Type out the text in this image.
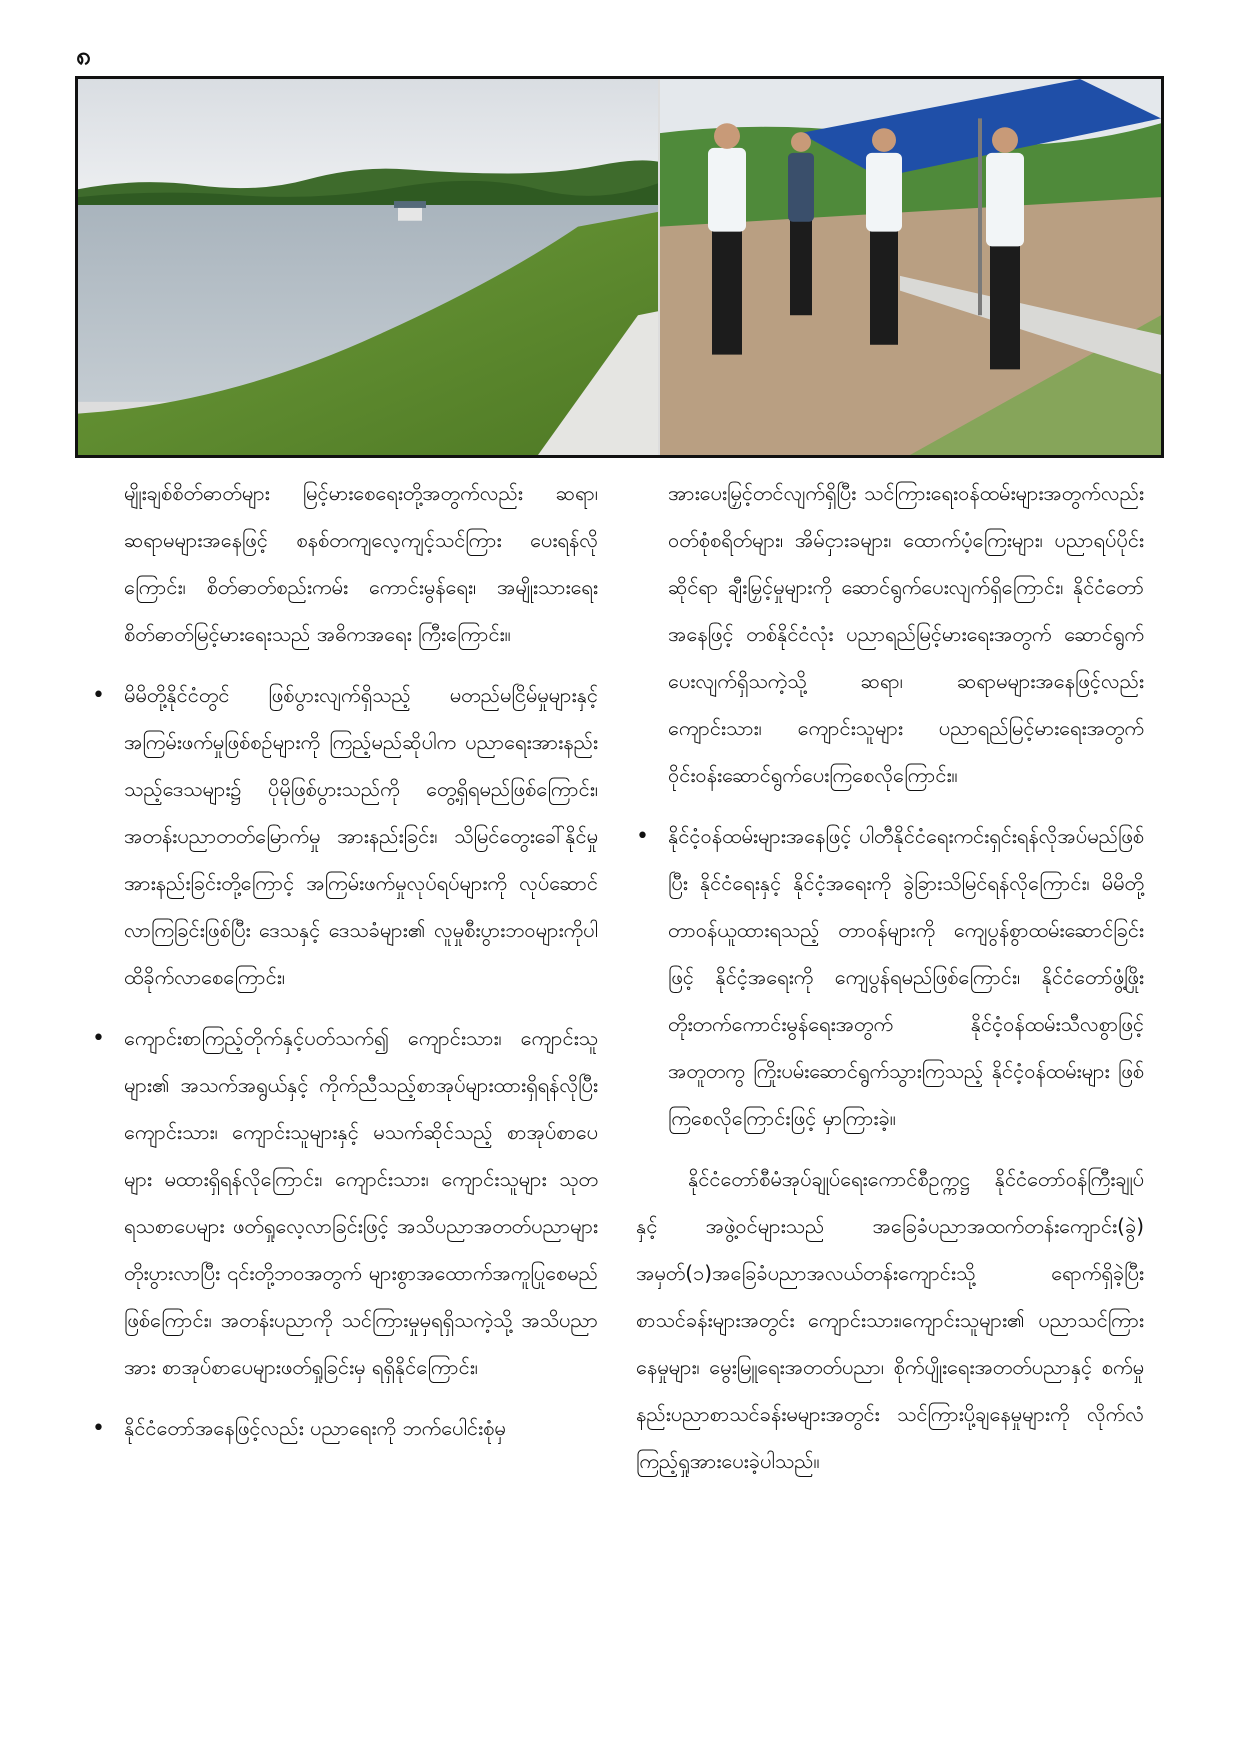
၈

မျိုးချစ်စိတ်ဓာတ်များ မြင့်မားစေရေးတို့အတွက်လည်း ဆရာ၊ ဆရာမများအနေဖြင့် စနစ်တကျလေ့ကျင့်သင်ကြား ပေးရန်လိုကြောင်း၊ စိတ်ဓာတ်စည်းကမ်း ကောင်းမွန်ရေး၊ အမျိုးသားရေးစိတ်ဓာတ်မြင့်မားရေးသည် အဓိကအရေး ကြီးကြောင်း။

• မိမိတို့နိုင်ငံတွင် ဖြစ်ပွားလျက်ရှိသည့် မတည်မငြိမ်မှုများနှင့် အကြမ်းဖက်မှုဖြစ်စဉ်များကို ကြည့်မည်ဆိုပါက ပညာရေးအားနည်းသည့်ဒေသများ၌ ပိုမိုဖြစ်ပွားသည်ကို တွေ့ရှိရမည်ဖြစ်ကြောင်း၊ အတန်းပညာတတ်မြောက်မှု အားနည်းခြင်း၊ သိမြင်တွေးခေါ်နိုင်မှုအားနည်းခြင်းတို့ကြောင့် အကြမ်းဖက်မှုလုပ်ရပ်များကို လုပ်ဆောင်လာကြခြင်းဖြစ်ပြီး ဒေသနှင့် ဒေသခံများ၏ လူမှုစီးပွားဘဝများကိုပါ ထိခိုက်လာစေကြောင်း၊
• ကျောင်းစာကြည့်တိုက်နှင့်ပတ်သက်၍ ကျောင်းသား၊ ကျောင်းသူများ၏ အသက်အရွယ်နှင့် ကိုက်ညီသည့်စာအုပ်များထားရှိရန်လိုပြီး ကျောင်းသား၊ ကျောင်းသူများနှင့် မသက်ဆိုင်သည့် စာအုပ်စာပေများ မထားရှိရန်လိုကြောင်း၊ ကျောင်းသား၊ ကျောင်းသူများ သုတရသစာပေများ ဖတ်ရှုလေ့လာခြင်းဖြင့် အသိပညာအတတ်ပညာများ တိုးပွားလာပြီး ၎င်းတို့ဘဝအတွက် များစွာအထောက်အကူပြုစေမည်ဖြစ်ကြောင်း၊ အတန်းပညာကို သင်ကြားမှုမှရရှိသကဲ့သို့ အသိပညာအား စာအုပ်စာပေများဖတ်ရှုခြင်းမှ ရရှိနိုင်ကြောင်း၊
• နိုင်ငံတော်အနေဖြင့်လည်း ပညာရေးကို ဘက်ပေါင်းစုံမှ

အားပေးမြှင့်တင်လျက်ရှိပြီး သင်ကြားရေးဝန်ထမ်းများအတွက်လည်း ဝတ်စုံစရိတ်များ၊ အိမ်ငှားခများ၊ ထောက်ပံ့ကြေးများ၊ ပညာရပ်ပိုင်းဆိုင်ရာ ချီးမြှင့်မှုများကို ဆောင်ရွက်ပေးလျက်ရှိကြောင်း၊ နိုင်ငံတော်အနေဖြင့် တစ်နိုင်ငံလုံး ပညာရည်မြင့်မားရေးအတွက် ဆောင်ရွက်ပေးလျက်ရှိသကဲ့သို့ ဆရာ၊ ဆရာမများအနေဖြင့်လည်း ကျောင်းသား၊ ကျောင်းသူများ ပညာရည်မြင့်မားရေးအတွက် ဝိုင်းဝန်းဆောင်ရွက်ပေးကြစေလိုကြောင်း။

• နိုင်ငံ့ဝန်ထမ်းများအနေဖြင့် ပါတီနိုင်ငံရေးကင်းရှင်းရန်လိုအပ်မည်ဖြစ်ပြီး နိုင်ငံရေးနှင့် နိုင်ငံ့အရေးကို ခွဲခြားသိမြင်ရန်လိုကြောင်း၊ မိမိတို့တာဝန်ယူထားရသည့် တာဝန်များကို ကျေပွန်စွာထမ်းဆောင်ခြင်းဖြင့် နိုင်ငံ့အရေးကို ကျေပွန်ရမည်ဖြစ်ကြောင်း၊ နိုင်ငံတော်ဖွံ့ဖြိုးတိုးတက်ကောင်းမွန်ရေးအတွက် နိုင်ငံ့ဝန်ထမ်းသီလစွာဖြင့် အတူတကွ ကြိုးပမ်းဆောင်ရွက်သွားကြသည့် နိုင်ငံ့ဝန်ထမ်းများ ဖြစ်ကြစေလိုကြောင်းဖြင့် မှာကြားခဲ့။

နိုင်ငံတော်စီမံအုပ်ချုပ်ရေးကောင်စီဥက္ကဋ္ဌ နိုင်ငံတော်ဝန်ကြီးချုပ်နှင့် အဖွဲ့ဝင်များသည် အခြေခံပညာအထက်တန်းကျောင်း(ခွဲ) အမှတ်(၁)အခြေခံပညာအလယ်တန်းကျောင်းသို့ ရောက်ရှိခဲ့ပြီး စာသင်ခန်းများအတွင်း ကျောင်းသား၊ကျောင်းသူများ၏ ပညာသင်ကြားနေမှုများ၊ မွေးမြူရေးအတတ်ပညာ၊ စိုက်ပျိုးရေးအတတ်ပညာနှင့် စက်မှုနည်းပညာစာသင်ခန်းမများအတွင်း သင်ကြားပို့ချနေမှုများကို လိုက်လံကြည့်ရှုအားပေးခဲ့ပါသည်။
